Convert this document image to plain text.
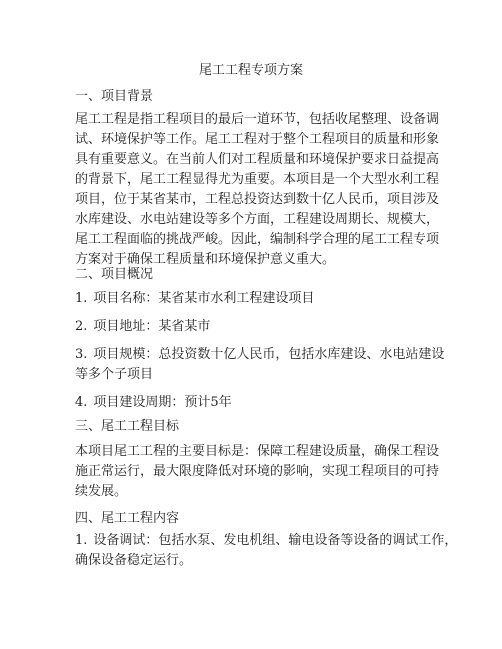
尾工工程专项方案
一、项目背景
尾工工程是指工程项目的最后一道环节，包括收尾整理、设备调
试、环境保护等工作。尾工工程对于整个工程项目的质量和形象
具有重要意义。在当前人们对工程质量和环境保护要求日益提高
的背景下，尾工工程显得尤为重要。本项目是一个大型水利工程
项目，位于某省某市，工程总投资达到数十亿人民币，项目涉及
水库建设、水电站建设等多个方面，工程建设周期长、规模大，
尾工工程面临的挑战严峻。因此，编制科学合理的尾工工程专项
方案对于确保工程质量和环境保护意义重大。
二、项目概况
1. 项目名称：某省某市水利工程建设项目
2. 项目地址：某省某市
3. 项目规模：总投资数十亿人民币，包括水库建设、水电站建设
等多个子项目
4. 项目建设周期：预计5年
三、尾工工程目标
本项目尾工工程的主要目标是：保障工程建设质量，确保工程设
施正常运行，最大限度降低对环境的影响，实现工程项目的可持
续发展。
四、尾工工程内容
1. 设备调试：包括水泵、发电机组、输电设备等设备的调试工作，
确保设备稳定运行。
